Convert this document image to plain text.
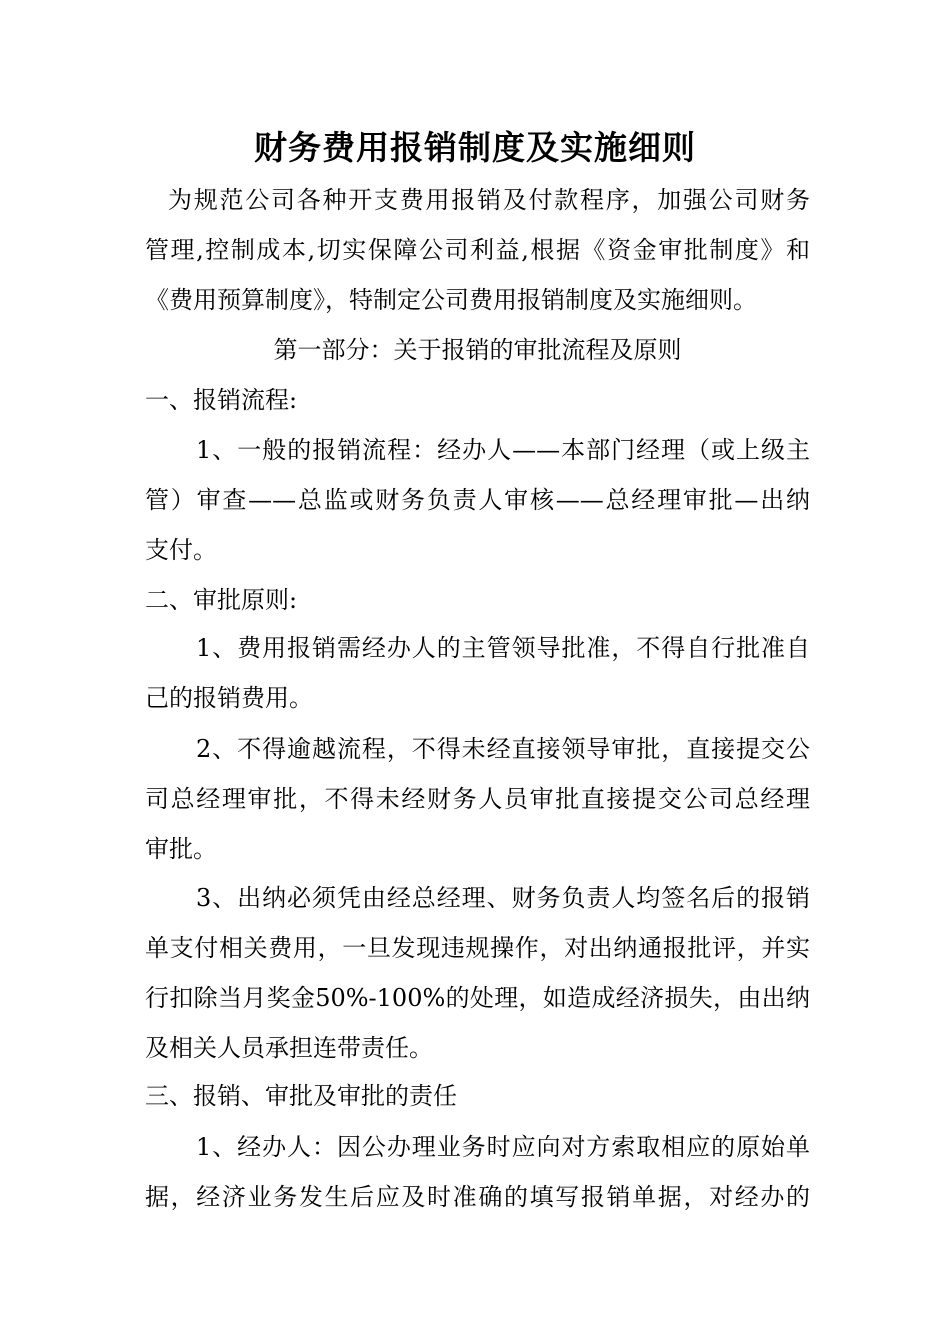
财务费用报销制度及实施细则
为规范公司各种开支费用报销及付款程序，加强公司财务
管理,控制成本,切实保障公司利益,根据《资金审批制度》和
《费用预算制度》，特制定公司费用报销制度及实施细则。
第一部分：关于报销的审批流程及原则
一、报销流程:
1、一般的报销流程：经办人——本部门经理（或上级主
管）审查——总监或财务负责人审核——总经理审批—出纳
支付。
二、审批原则:
1、费用报销需经办人的主管领导批准，不得自行批准自
己的报销费用。
2、不得逾越流程，不得未经直接领导审批，直接提交公
司总经理审批，不得未经财务人员审批直接提交公司总经理
审批。
3、出纳必须凭由经总经理、财务负责人均签名后的报销
单支付相关费用，一旦发现违规操作，对出纳通报批评，并实
行扣除当月奖金50%-100%的处理，如造成经济损失，由出纳
及相关人员承担连带责任。
三、报销、审批及审批的责任
1、经办人：因公办理业务时应向对方索取相应的原始单
据，经济业务发生后应及时准确的填写报销单据，对经办的
